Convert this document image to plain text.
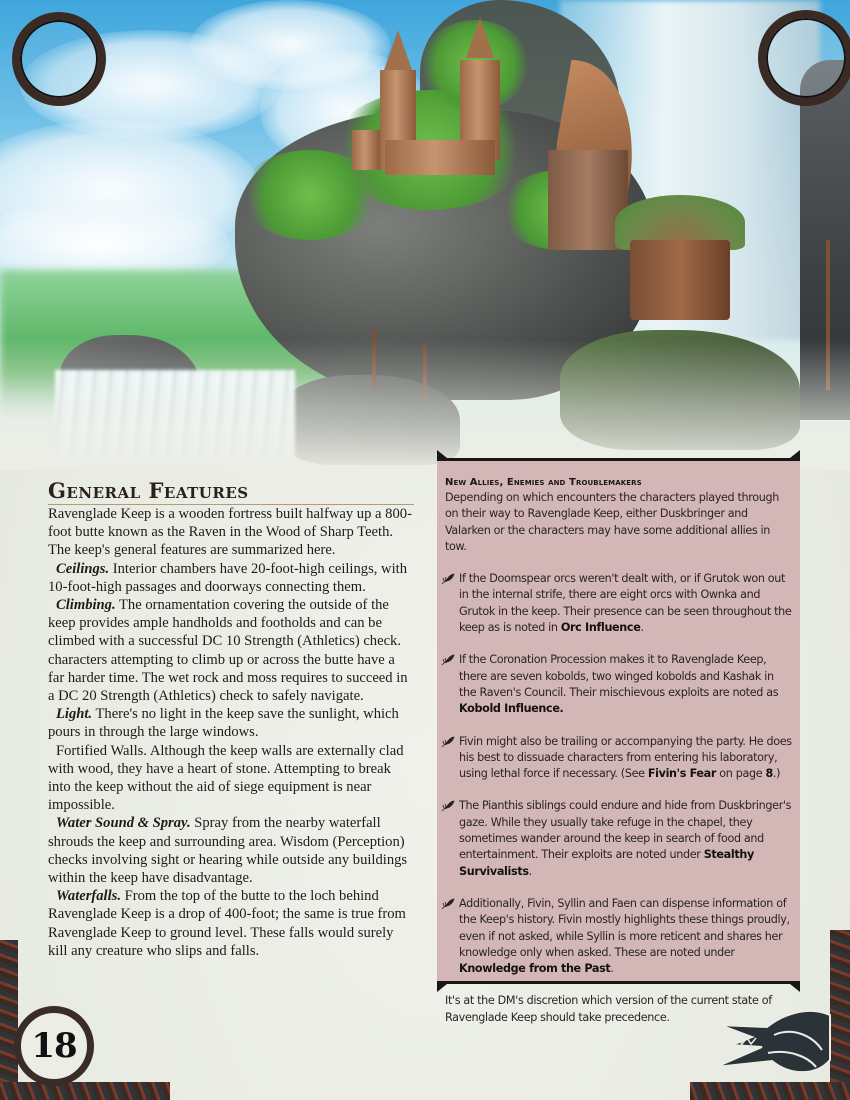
18
General Features

Ravenglade Keep is a wooden fortress built halfway up a 800-foot butte known as the Raven in the Wood of Sharp Teeth. The keep's general features are summarized here.

Ceilings. Interior chambers have 20-foot-high ceilings, with 10-foot-high passages and doorways connecting them.

Climbing. The ornamentation covering the outside of the keep provides ample handholds and footholds and can be climbed with a successful DC 10 Strength (Athletics) check. characters attempting to climb up or across the butte have a far harder time. The wet rock and moss requires to succeed in a DC 20 Strength (Athletics) check to safely navigate.

Light. There's no light in the keep save the sunlight, which pours in through the large windows.

Fortified Walls. Although the keep walls are externally clad with wood, they have a heart of stone. Attempting to break into the keep without the aid of siege equipment is near impossible.

Water Sound & Spray. Spray from the nearby waterfall shrouds the keep and surrounding area. Wisdom (Perception) checks involving sight or hearing while outside any buildings within the keep have disadvantage.

Waterfalls. From the top of the butte to the loch behind Ravenglade Keep is a drop of 400-foot; the same is true from Ravenglade Keep to ground level. These falls would surely kill any creature who slips and falls.

New Allies, Enemies and Troublemakers

Depending on which encounters the characters played through on their way to Ravenglade Keep, either Duskbringer and Valarken or the characters may have some additional allies in tow.

If the Doomspear orcs weren't dealt with, or if Grutok won out in the internal strife, there are eight orcs with Ownka and Grutok in the keep. Their presence can be seen throughout the keep as is noted in Orc Influence.
If the Coronation Procession makes it to Ravenglade Keep, there are seven kobolds, two winged kobolds and Kashak in the Raven's Council. Their mischievous exploits are noted as Kobold Influence.
Fivin might also be trailing or accompanying the party. He does his best to dissuade characters from entering his laboratory, using lethal force if necessary. (See Fivin's Fear on page 8.)
The Pianthis siblings could endure and hide from Duskbringer's gaze. While they usually take refuge in the chapel, they sometimes wander around the keep in search of food and entertainment. Their exploits are noted under Stealthy Survivalists.
Additionally, Fivin, Syllin and Faen can dispense information of the Keep's history. Fivin mostly highlights these things proudly, even if not asked, while Syllin is more reticent and shares her knowledge only when asked. These are noted under Knowledge from the Past.

It's at the DM's discretion which version of the current state of Ravenglade Keep should take precedence.
